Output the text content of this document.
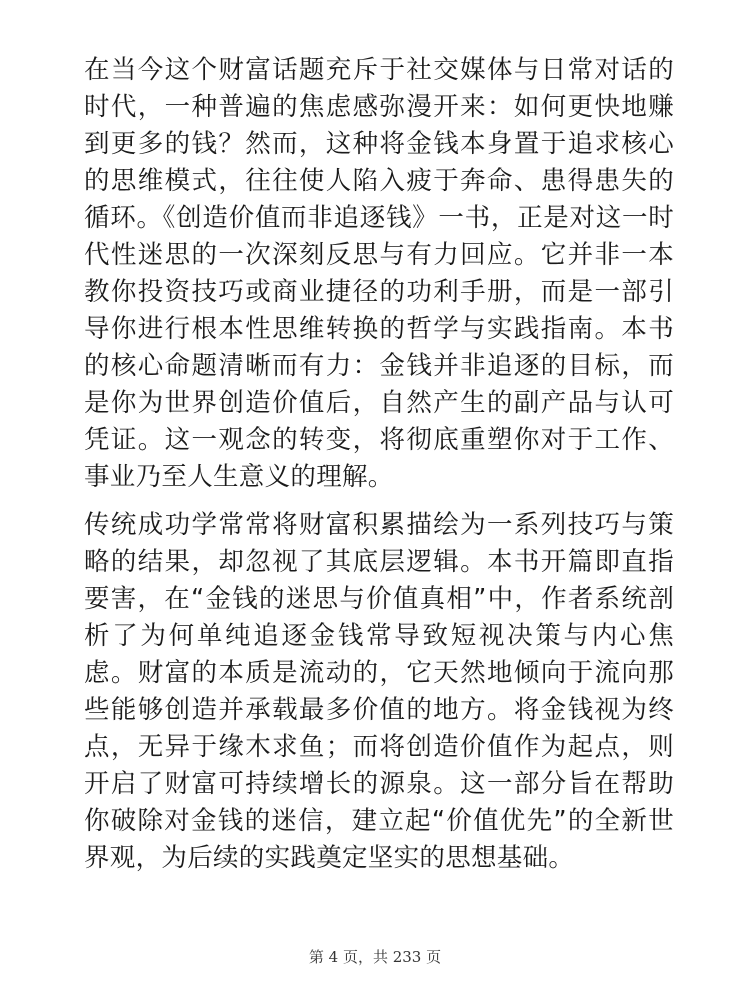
在当今这个财富话题充斥于社交媒体与日常对话的时代，一种普遍的焦虑感弥漫开来：如何更快地赚到更多的钱？然而，这种将金钱本身置于追求核心的思维模式，往往使人陷入疲于奔命、患得患失的循环。《创造价值而非追逐钱》一书，正是对这一时代性迷思的一次深刻反思与有力回应。它并非一本教你投资技巧或商业捷径的功利手册，而是一部引导你进行根本性思维转换的哲学与实践指南。本书的核心命题清晰而有力：金钱并非追逐的目标，而是你为世界创造价值后，自然产生的副产品与认可凭证。这一观念的转变，将彻底重塑你对于工作、事业乃至人生意义的理解。

传统成功学常常将财富积累描绘为一系列技巧与策略的结果，却忽视了其底层逻辑。本书开篇即直指要害，在“金钱的迷思与价值真相”中，作者系统剖析了为何单纯追逐金钱常导致短视决策与内心焦虑。财富的本质是流动的，它天然地倾向于流向那些能够创造并承载最多价值的地方。将金钱视为终点，无异于缘木求鱼；而将创造价值作为起点，则开启了财富可持续增长的源泉。这一部分旨在帮助你破除对金钱的迷信，建立起“价值优先”的全新世界观，为后续的实践奠定坚实的思想基础。

第 4 页，共 233 页
